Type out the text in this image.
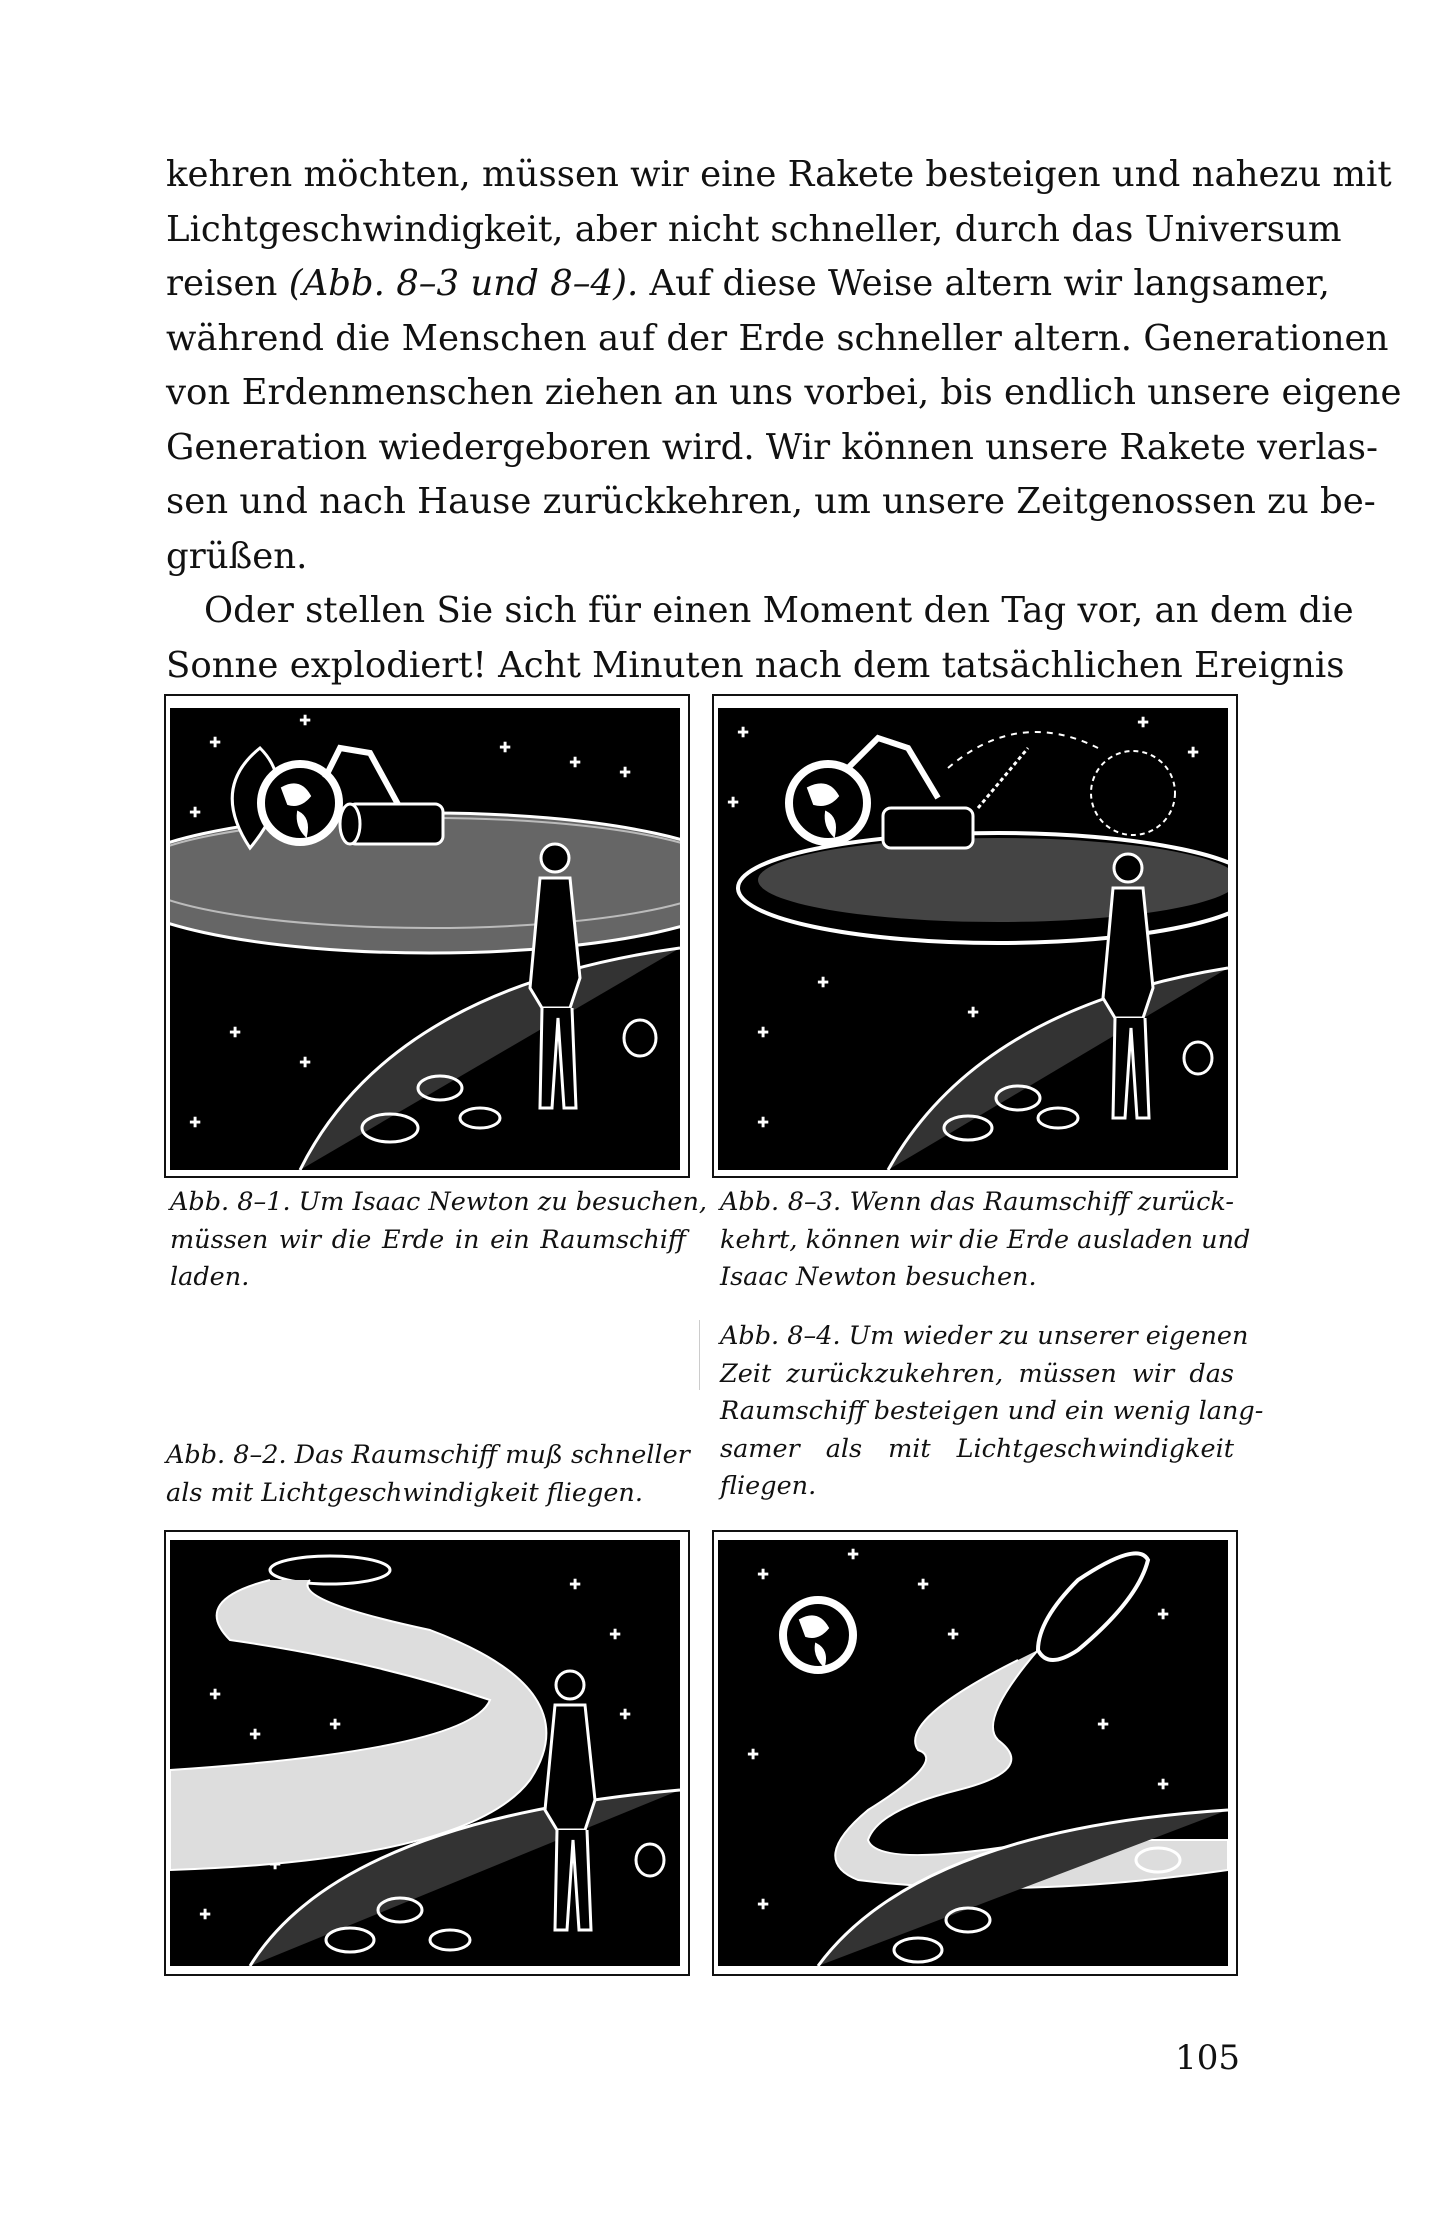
kehren möchten, müssen wir eine Rakete besteigen und nahezu mit
Lichtgeschwindigkeit, aber nicht schneller, durch das Universum
reisen (Abb. 8–3 und 8–4). Auf diese Weise altern wir langsamer,
während die Menschen auf der Erde schneller altern. Generationen
von Erdenmenschen ziehen an uns vorbei, bis endlich unsere eigene
Generation wiedergeboren wird. Wir können unsere Rakete verlas-
sen und nach Hause zurückkehren, um unsere Zeitgenossen zu be-
grüßen.
Oder stellen Sie sich für einen Moment den Tag vor, an dem die
Sonne explodiert! Acht Minuten nach dem tatsächlichen Ereignis
+
+
+
+ +
+
+
+
+
+	+
+
+
+
+
+
+
Abb. 8–1. Um Isaac Newton zu besuchen,
müssen wir die Erde in ein Raumschiff
laden.
Abb. 8–3. Wenn das Raumschiff zurück-
kehrt, können wir die Erde ausladen und
Isaac Newton besuchen.
Abb. 8–4. Um wieder zu unserer eigenen
Zeit zurückzukehren, müssen wir das
Raumschiff besteigen und ein wenig lang-
samer als mit Lichtgeschwindigkeit
fliegen.
Abb. 8–2. Das Raumschiff muß schneller
als mit Lichtgeschwindigkeit fliegen.
+
+
+
+	+	+
+
+
+
+
+
+
+
+
+
+
105
